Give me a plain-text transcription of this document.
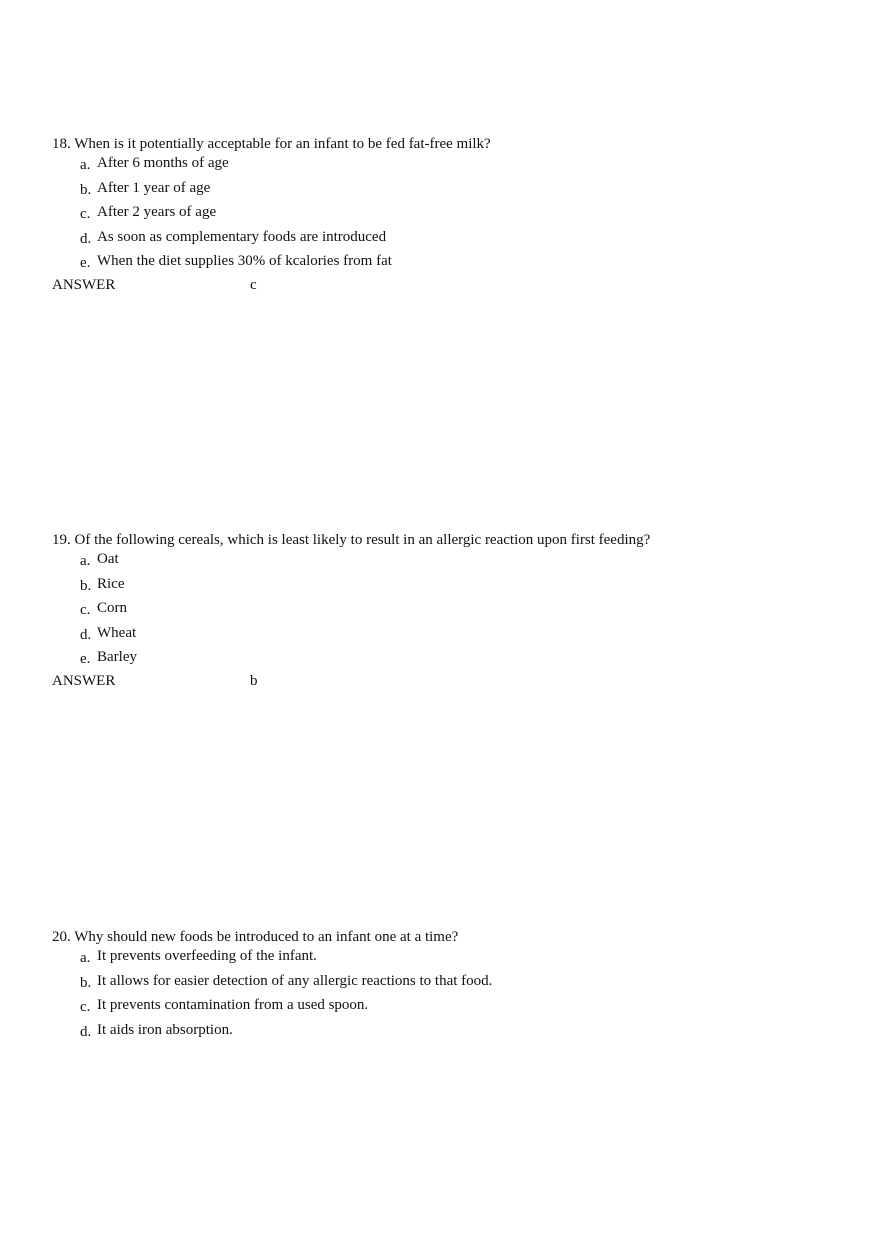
18. When is it potentially acceptable for an infant to be fed fat-free milk?
a. After 6 months of age
b. After 1 year of age
c. After 2 years of age
d. As soon as complementary foods are introduced
e. When the diet supplies 30% of kcalories from fat
ANSWER	c
19. Of the following cereals, which is least likely to result in an allergic reaction upon first feeding?
a. Oat
b. Rice
c. Corn
d. Wheat
e. Barley
ANSWER	b
20. Why should new foods be introduced to an infant one at a time?
a. It prevents overfeeding of the infant.
b. It allows for easier detection of any allergic reactions to that food.
c. It prevents contamination from a used spoon.
d. It aids iron absorption.
